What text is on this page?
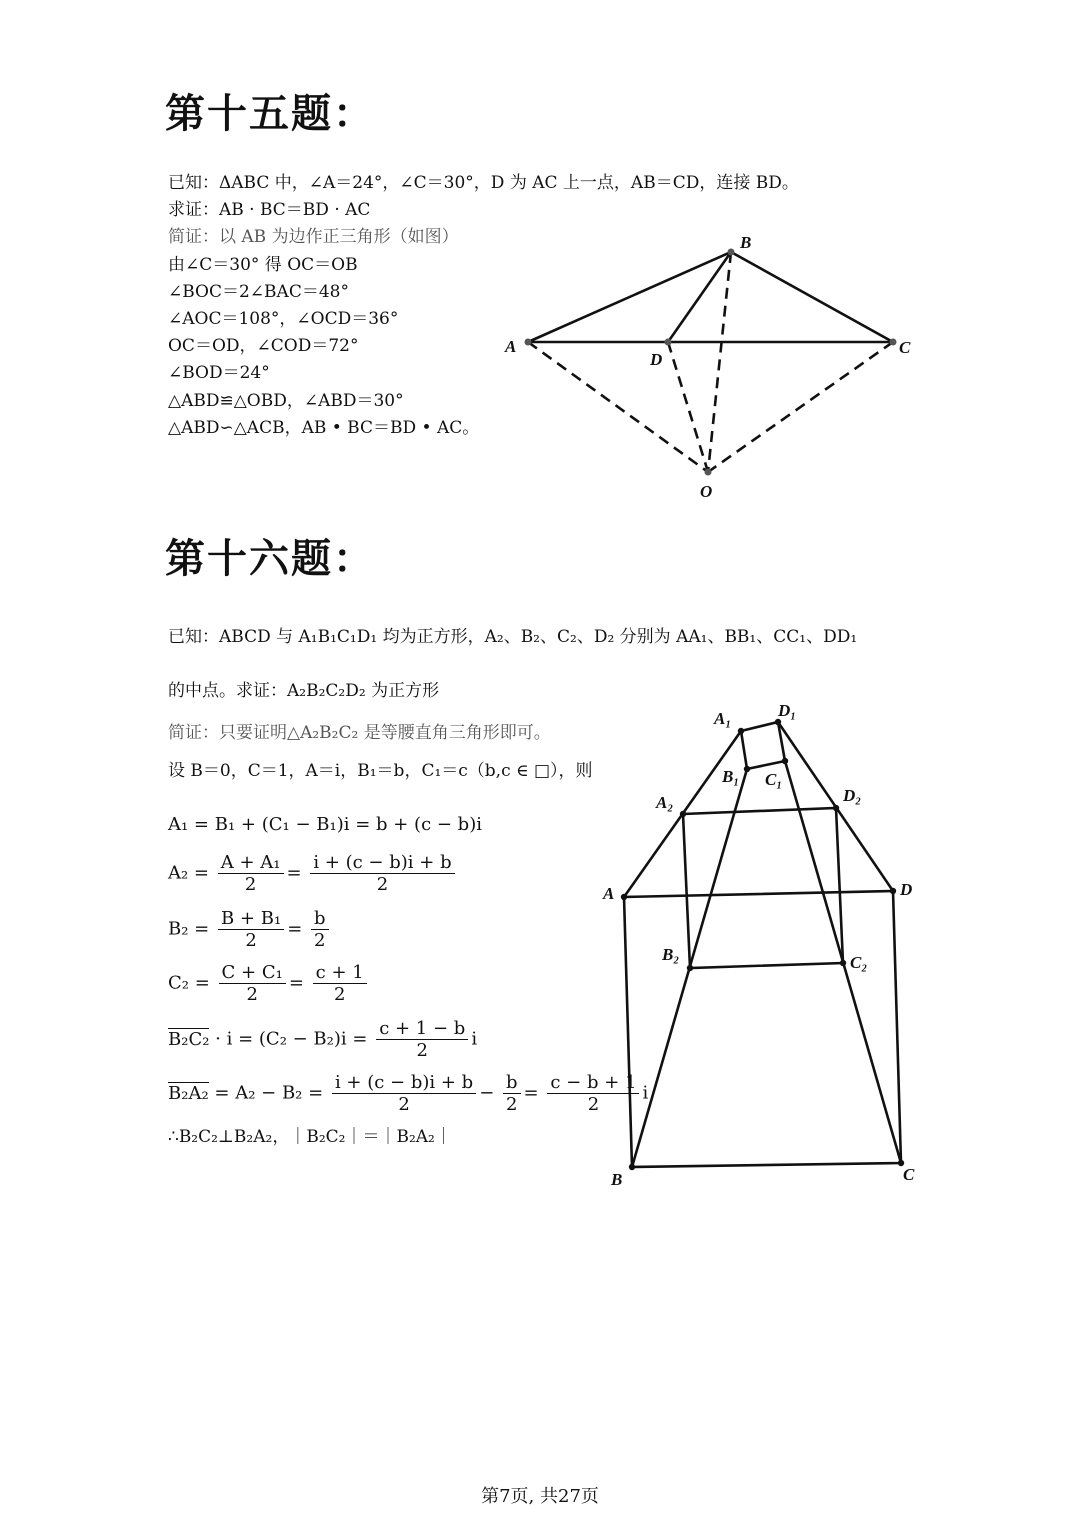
第十五题：
已知：ΔABC 中，∠A＝24°，∠C＝30°，D 为 AC 上一点，AB＝CD，连接 BD。
求证：AB · BC＝BD · AC
简证：以 AB 为边作正三角形（如图）
由∠C＝30° 得 OC＝OB
∠BOC＝2∠BAC＝48°
∠AOC＝108°，∠OCD＝36°
OC＝OD，∠COD＝72°
∠BOD＝24°
△ABD≌△OBD，∠ABD＝30°
△ABD∽△ACB，AB • BC＝BD • AC。
A
B
C
D
O
第十六题：
已知：ABCD 与 A₁B₁C₁D₁ 均为正方形，A₂、B₂、C₂、D₂ 分别为 AA₁、BB₁、CC₁、DD₁
的中点。求证：A₂B₂C₂D₂ 为正方形
简证：只要证明△A₂B₂C₂ 是等腰直角三角形即可。
设 B＝0，C＝1，A＝i，B₁＝b，C₁＝c（b,c ∈ □），则
A₁ = B₁ + (C₁ − B₁)i = b + (c − b)i
$A_2 = \frac{\text{A + A₁}}{2} = \frac{i + (c - b)i + b}{2}$
$B_2 = \frac{\text{B + B₁}}{2} = \frac{b}{2}$
$C_2 = \frac{\text{C + C₁}}{2} = \frac{c + 1}{2}$
$B_2C_2 \cdot i = (C_2 - B_2)i = \frac{c + 1 - b}{2}$ i
$B_2A_2 = A_2 - B_2 = \frac{i + (c - b)i + b}{2} - \frac{b}{2} = \frac{c - b + 1}{2}$ i
∴B₂C₂⊥B₂A₂，｜B₂C₂｜＝｜B₂A₂｜
A
B	C
D
A₁	D₁
B₁ C₁
A₂	D₂
B₂	C₂
第7页, 共27页
